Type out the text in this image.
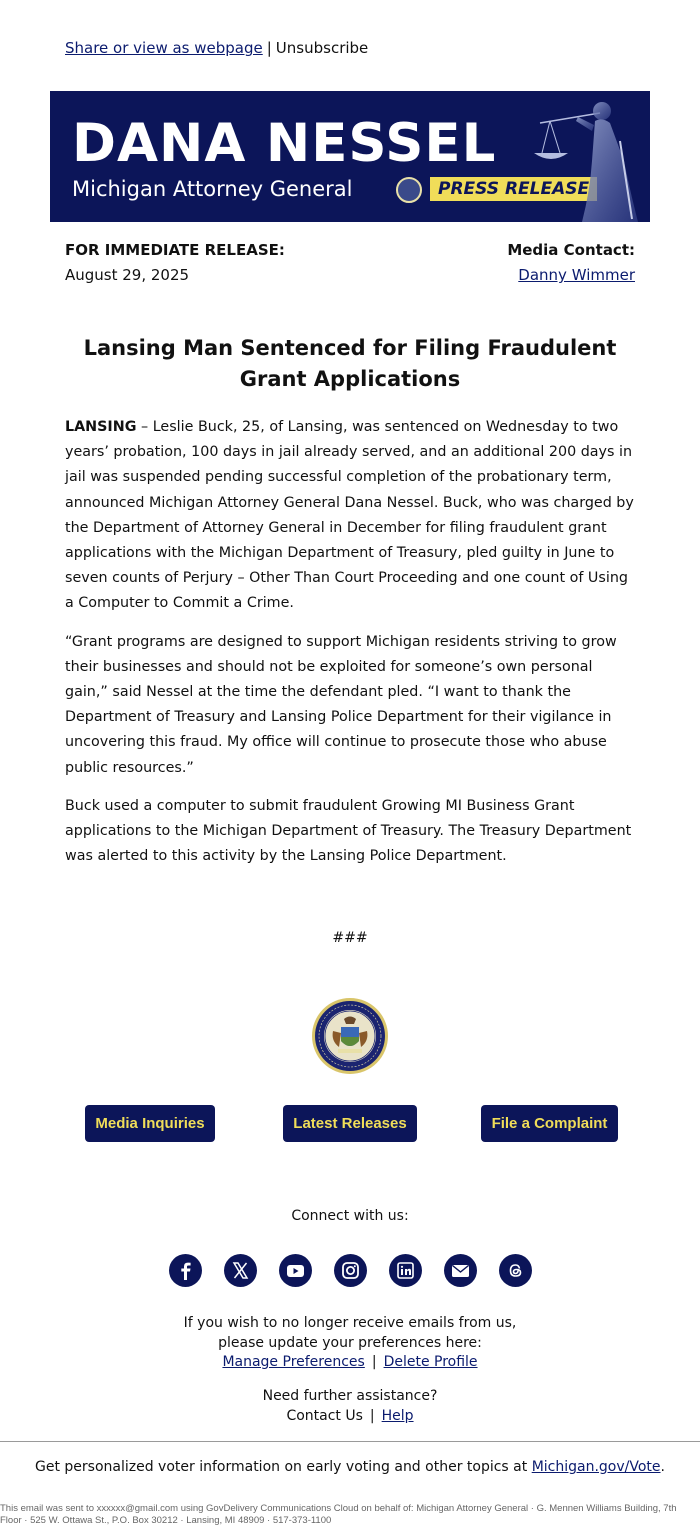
Share or view as webpage | Unsubscribe
DANA NESSEL
Michigan Attorney General	PRESS RELEASE
FOR IMMEDIATE RELEASE:
August 29, 2025
Media Contact:
Danny Wimmer
Lansing Man Sentenced for Filing Fraudulent Grant Applications

LANSING – Leslie Buck, 25, of Lansing, was sentenced on Wednesday to two years’ probation, 100 days in jail already served, and an additional 200 days in jail was suspended pending successful completion of the probationary term, announced Michigan Attorney General Dana Nessel. Buck, who was charged by the Department of Attorney General in December for filing fraudulent grant applications with the Michigan Department of Treasury, pled guilty in June to seven counts of Perjury – Other Than Court Proceeding and one count of Using a Computer to Commit a Crime.

“Grant programs are designed to support Michigan residents striving to grow their businesses and should not be exploited for someone’s own personal gain,” said Nessel at the time the defendant pled. “I want to thank the Department of Treasury and Lansing Police Department for their vigilance in uncovering this fraud. My office will continue to prosecute those who abuse public resources.”

Buck used a computer to submit fraudulent Growing MI Business Grant applications to the Michigan Department of Treasury. The Treasury Department was alerted to this activity by the Lansing Police Department.

###
Media Inquiries	Latest Releases	File a Complaint
Connect with us:
If you wish to no longer receive emails from us,
please update your preferences here:
Manage Preferences | Delete Profile
Need further assistance?
Contact Us | Help
Get personalized voter information on early voting and other topics at Michigan.gov/Vote.
This email was sent to xxxxxx@gmail.com using GovDelivery Communications Cloud on behalf of: Michigan Attorney General · G. Mennen Williams Building, 7th Floor · 525 W. Ottawa St., P.O. Box 30212 · Lansing, MI 48909 · 517-373-1100
